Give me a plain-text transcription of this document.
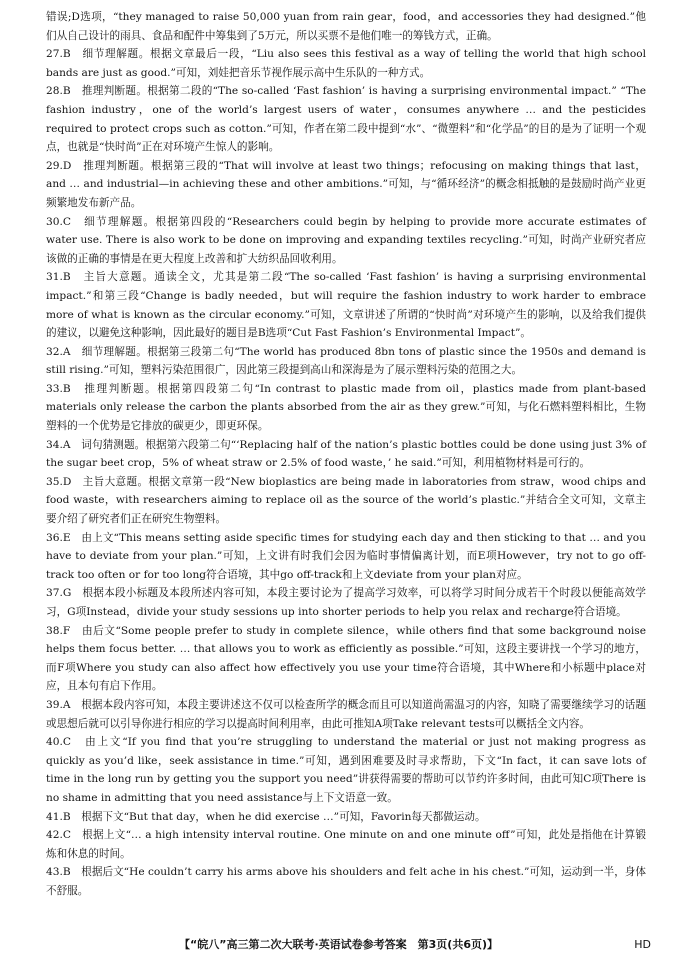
错误;D选项，“they managed to raise 50,000 yuan from rain gear，food，and accessories they had designed.”他们从自己设计的雨具、食品和配件中筹集到了5万元，所以买票不是他们唯一的筹钱方式，正确。
27.B　细节理解题。根据文章最后一段，“Liu also sees this festival as a way of telling the world that high school bands are just as good.”可知，刘娃把音乐节视作展示高中生乐队的一种方式。
28.B　推理判断题。根据第二段的“The so-called ‘Fast fashion’ is having a surprising environmental impact.” “The fashion industry，one of the world’s largest users of water，consumes anywhere … and the pesticides required to protect crops such as cotton.”可知，作者在第二段中提到“水”、“微塑料”和“化学品”的目的是为了证明一个观点，也就是“快时尚”正在对环境产生惊人的影响。
29.D　推理判断题。根据第三段的“That will involve at least two things；refocusing on making things that last，and … and industrial—in achieving these and other ambitions.”可知，与“循环经济”的概念相抵触的是鼓励时尚产业更频繁地发布新产品。
30.C　细节理解题。根据第四段的“Researchers could begin by helping to provide more accurate estimates of water use. There is also work to be done on improving and expanding textiles recycling.”可知，时尚产业研究者应该做的正确的事情是在更大程度上改善和扩大纺织品回收利用。
31.B　主旨大意题。通读全文，尤其是第二段“The so-called ‘Fast fashion’ is having a surprising environmental impact.”和第三段“Change is badly needed，but will require the fashion industry to work harder to embrace more of what is known as the circular economy.”可知，文章讲述了所谓的“快时尚”对环境产生的影响，以及给我们提供的建议，以避免这种影响，因此最好的题目是B选项“Cut Fast Fashion’s Environmental Impact”。
32.A　细节理解题。根据第三段第二句“The world has produced 8bn tons of plastic since the 1950s and demand is still rising.”可知，塑料污染范围很广，因此第三段提到高山和深海是为了展示塑料污染的范围之大。
33.B　推理判断题。根据第四段第二句“In contrast to plastic made from oil，plastics made from plant-based materials only release the carbon the plants absorbed from the air as they grew.”可知，与化石燃料塑料相比，生物塑料的一个优势是它排放的碳更少，即更环保。
34.A　词句猜测题。根据第六段第二句“‘Replacing half of the nation’s plastic bottles could be done using just 3% of the sugar beet crop，5% of wheat straw or 2.5% of food waste，’ he said.”可知，利用植物材料是可行的。
35.D　主旨大意题。根据文章第一段“New bioplastics are being made in laboratories from straw，wood chips and food waste，with researchers aiming to replace oil as the source of the world’s plastic.”并结合全文可知，文章主要介绍了研究者们正在研究生物塑料。
36.E　由上文“This means setting aside specific times for studying each day and then sticking to that … and you have to deviate from your plan.”可知，上文讲有时我们会因为临时事情偏离计划，而E项However，try not to go off-track too often or for too long符合语境，其中go off-track和上文deviate from your plan对应。
37.G　根据本段小标题及本段所述内容可知，本段主要讨论为了提高学习效率，可以将学习时间分成若干个时段以便能高效学习，G项Instead，divide your study sessions up into shorter periods to help you relax and recharge符合语境。
38.F　由后文“Some people prefer to study in complete silence，while others find that some background noise helps them focus better. … that allows you to work as efficiently as possible.”可知，这段主要讲找一个学习的地方，而F项Where you study can also affect how effectively you use your time符合语境，其中Where和小标题中place对应，且本句有启下作用。
39.A　根据本段内容可知，本段主要讲述这不仅可以检查所学的概念而且可以知道尚需温习的内容，知晓了需要继续学习的话题或思想后就可以引导你进行相应的学习以提高时间利用率，由此可推知A项Take relevant tests可以概括全文内容。
40.C　由上文“If you find that you’re struggling to understand the material or just not making progress as quickly as you’d like，seek assistance in time.”可知，遇到困难要及时寻求帮助，下文“In fact，it can save lots of time in the long run by getting you the support you need”讲获得需要的帮助可以节约许多时间，由此可知C项There is no shame in admitting that you need assistance与上下文语意一致。
41.B　根据下文“But that day，when he did exercise …”可知，Favorin每天都做运动。
42.C　根据上文“… a high intensity interval routine. One minute on and one minute off”可知，此处是指他在计算锻炼和休息的时间。
43.B　根据后文“He couldn’t carry his arms above his shoulders and felt ache in his chest.”可知，运动到一半，身体不舒服。
【“皖八”高三第二次大联考·英语试卷参考答案　第3页(共6页)】	HD
